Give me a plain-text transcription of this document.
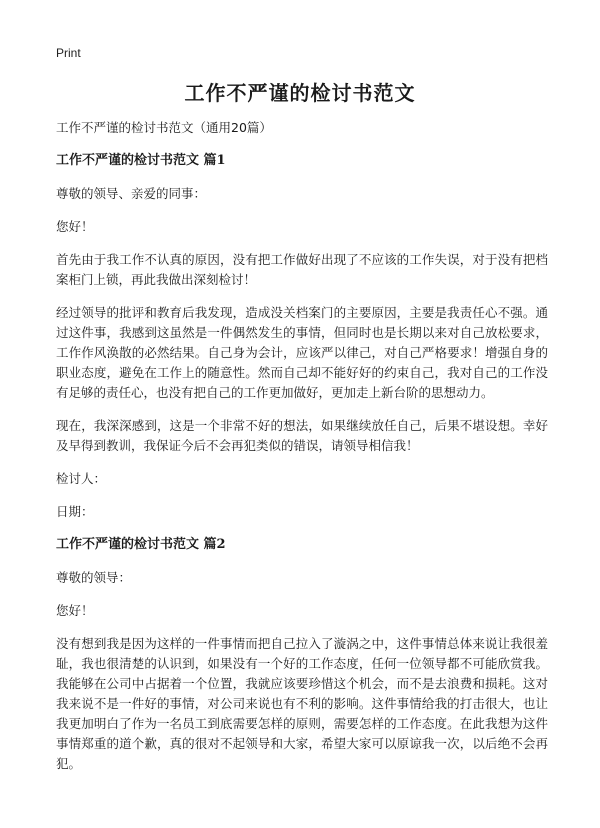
Print
工作不严谨的检讨书范文

工作不严谨的检讨书范文（通用20篇）

工作不严谨的检讨书范文 篇1

尊敬的领导、亲爱的同事：

您好！

首先由于我工作不认真的原因，没有把工作做好出现了不应该的工作失误，对于没有把档案柜门上锁，再此我做出深刻检讨！

经过领导的批评和教育后我发现，造成没关档案门的主要原因，主要是我责任心不强。通过这件事，我感到这虽然是一件偶然发生的事情，但同时也是长期以来对自己放松要求，工作作风涣散的必然结果。自己身为会计，应该严以律己，对自己严格要求！增强自身的职业态度，避免在工作上的随意性。然而自己却不能好好的约束自己，我对自己的工作没有足够的责任心，也没有把自己的工作更加做好，更加走上新台阶的思想动力。

现在，我深深感到，这是一个非常不好的想法，如果继续放任自己，后果不堪设想。幸好及早得到教训，我保证今后不会再犯类似的错误，请领导相信我！

检讨人：

日期：

工作不严谨的检讨书范文 篇2

尊敬的领导：

您好！

没有想到我是因为这样的一件事情而把自己拉入了漩涡之中，这件事情总体来说让我很羞耻，我也很清楚的认识到，如果没有一个好的工作态度，任何一位领导都不可能欣赏我。我能够在公司中占据着一个位置，我就应该要珍惜这个机会，而不是去浪费和损耗。这对我来说不是一件好的事情，对公司来说也有不利的影响。这件事情给我的打击很大，也让我更加明白了作为一名员工到底需要怎样的原则，需要怎样的工作态度。在此我想为这件事情郑重的道个歉，真的很对不起领导和大家，希望大家可以原谅我一次，以后绝不会再犯。
